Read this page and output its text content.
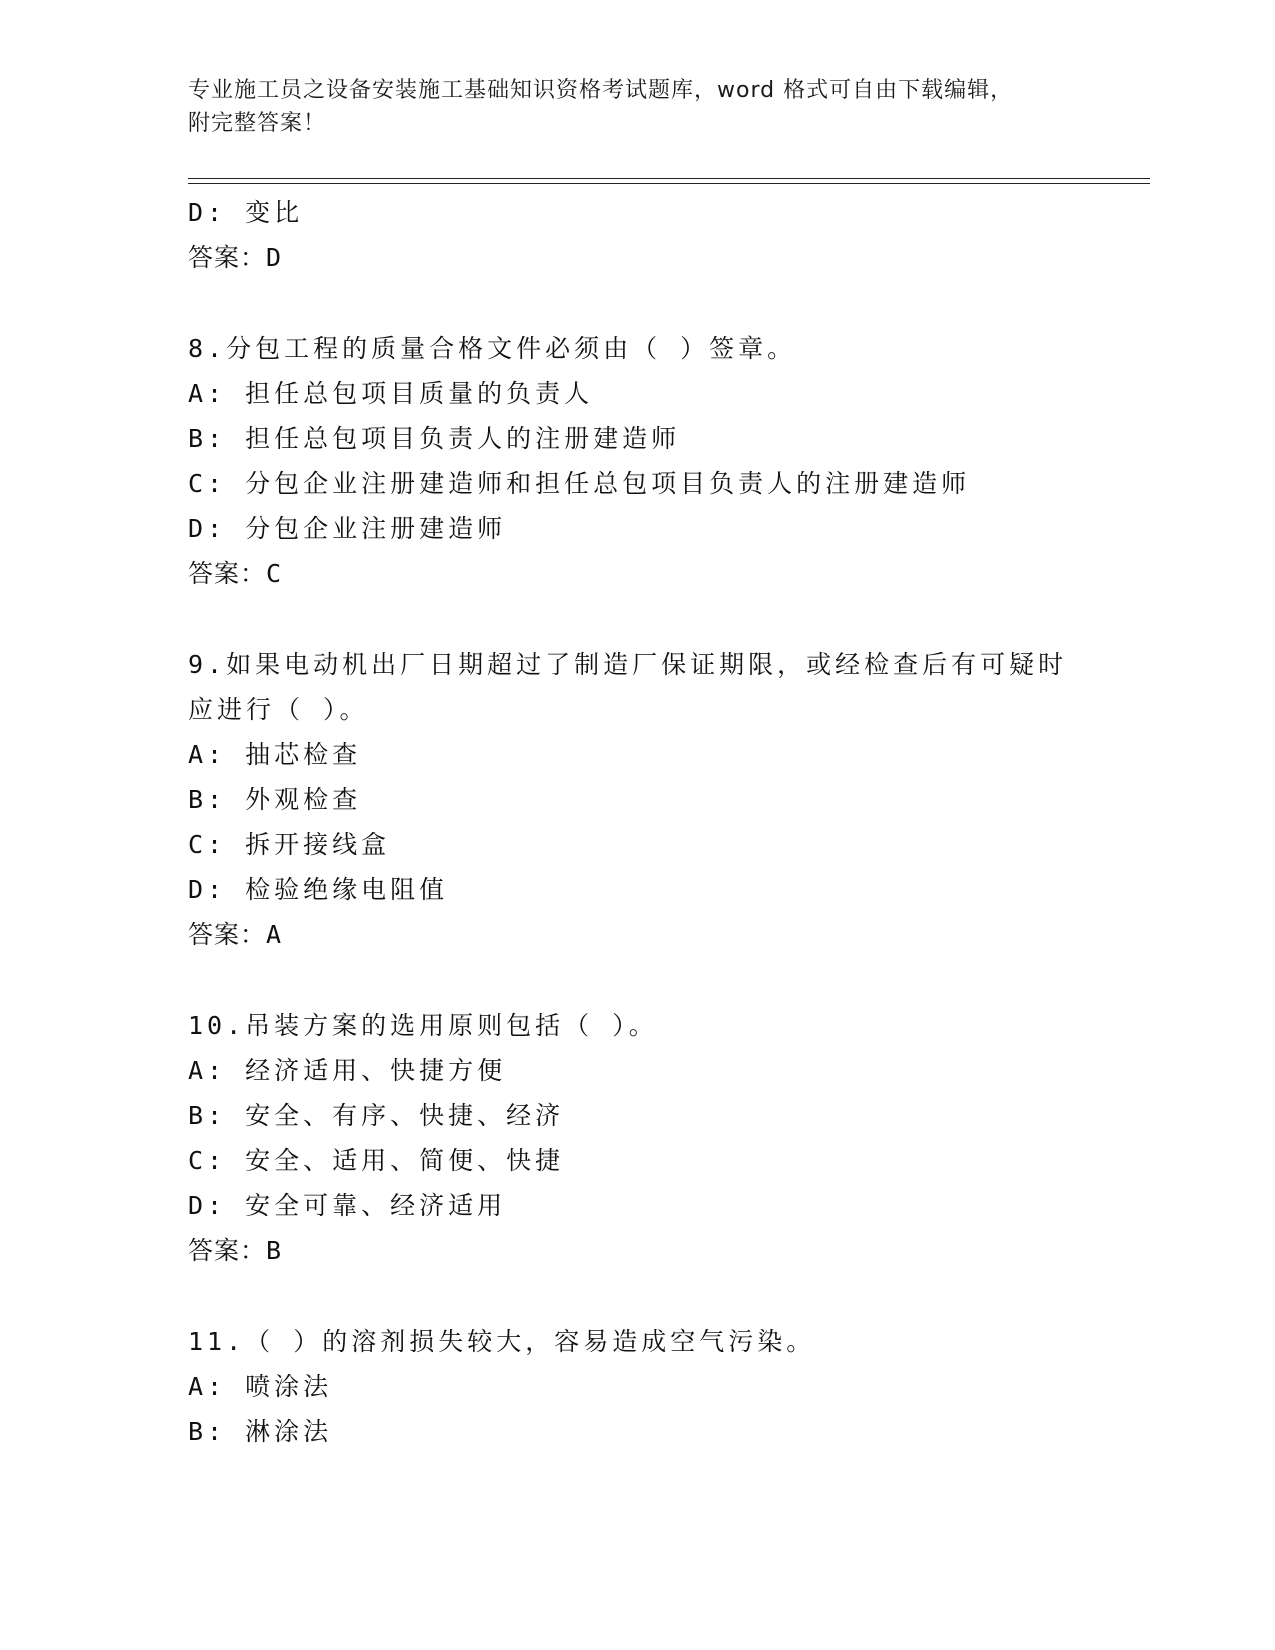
专业施工员之设备安装施工基础知识资格考试题库，word 格式可自由下载编辑，
附完整答案！
D: 变比
答案：D
8.分包工程的质量合格文件必须由（ ）签章。
A: 担任总包项目质量的负责人
B: 担任总包项目负责人的注册建造师
C: 分包企业注册建造师和担任总包项目负责人的注册建造师
D: 分包企业注册建造师
答案：C
9.如果电动机出厂日期超过了制造厂保证期限，或经检查后有可疑时
应进行（ ）。
A: 抽芯检查
B: 外观检查
C: 拆开接线盒
D: 检验绝缘电阻值
答案：A
10.吊装方案的选用原则包括（ ）。
A: 经济适用、快捷方便
B: 安全、有序、快捷、经济
C: 安全、适用、简便、快捷
D: 安全可靠、经济适用
答案：B
11.（ ）的溶剂损失较大，容易造成空气污染。
A: 喷涂法
B: 淋涂法
